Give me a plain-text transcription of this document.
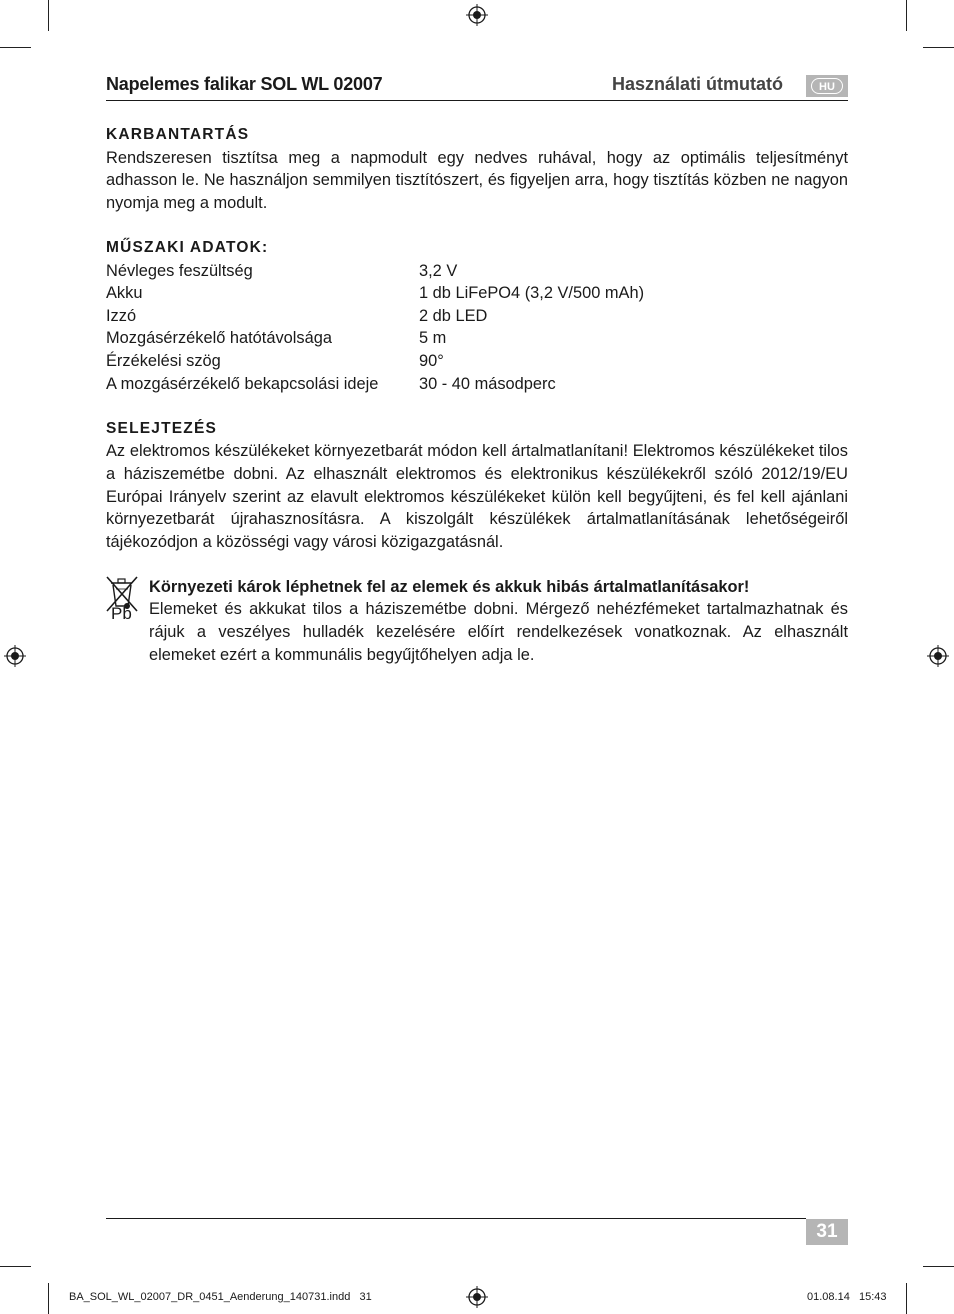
Napelemes falikar SOL WL 02007	Használati útmutató	HU
KARBANTARTÁS

Rendszeresen tisztítsa meg a napmodult egy nedves ruhával, hogy az optimális teljesítményt adhasson le. Ne használjon semmilyen tisztítószert, és figyeljen arra, hogy tisztítás közben ne nagyon nyomja meg a modult.

MŰSZAKI ADATOK:
Névleges feszültség	3,2 V
Akku	1 db LiFePO4 (3,2 V/500 mAh)
Izzó	2 db LED
Mozgásérzékelő hatótávolsága	5 m
Érzékelési szög	90°
A mozgásérzékelő bekapcsolási ideje	30 - 40 másodperc
SELEJTEZÉS

Az elektromos készülékeket környezetbarát módon kell ártalmatlanítani! Elektromos készülékeket tilos a háziszemétbe dobni. Az elhasznált elektromos és elektronikus készülékekről szóló 2012/19/EU Európai Irányelv szerint az elavult elektromos készülékeket külön kell begyűjteni, és fel kell ajánlani környezetbarát újrahasznosításra. A kiszolgált készülékek ártalmatlanításának lehetőségeiről tájékozódjon a közösségi vagy városi közigazgatásnál.

Pb

Környezeti károk léphetnek fel az elemek és akkuk hibás ártalmatlanításakor!

Elemeket és akkukat tilos a háziszemétbe dobni. Mérgező nehézfémeket tartalmazhatnak és rájuk a veszélyes hulladék kezelésére előírt rendelkezések vonatkoznak. Az elhasznált elemeket ezért a kommunális begyűjtőhelyen adja le.

31
BA_SOL_WL_02007_DR_0451_Aenderung_140731.indd   31	01.08.14   15:43
